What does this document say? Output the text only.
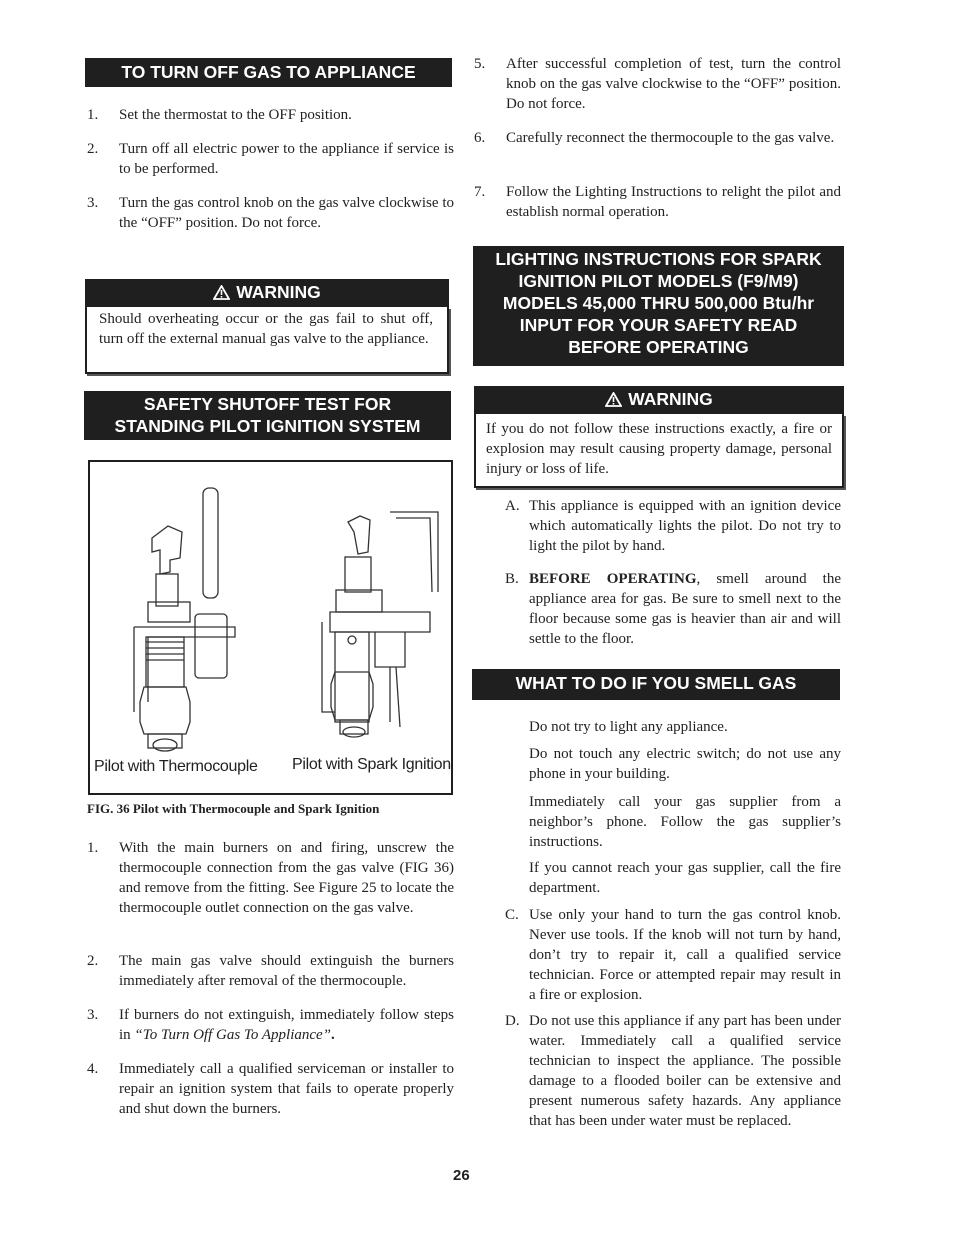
TO TURN OFF GAS TO APPLIANCE
1. Set the thermostat to the OFF position.
2. Turn off all electric power to the appliance if service is to be performed.
3. Turn the gas control knob on the gas valve clockwise to the “OFF” position. Do not force.
WARNING
Should overheating occur or the gas fail to shut off, turn off the external manual gas valve to the appliance.
SAFETY SHUTOFF TEST FOR
STANDING PILOT IGNITION SYSTEM
Pilot with Thermocouple Pilot with Spark Ignition
FIG. 36 Pilot with Thermocouple and Spark Ignition
1. With the main burners on and firing, unscrew the thermocouple connection from the gas valve (FIG 36) and remove from the fitting. See Figure 25 to locate the thermocouple outlet connection on the gas valve.
2. The main gas valve should extinguish the burners immediately after removal of the thermocouple.
3. If burners do not extinguish, immediately follow steps in “To Turn Off Gas To Appliance”.
4. Immediately call a qualified serviceman or installer to repair an ignition system that fails to operate properly and shut down the burners.
5. After successful completion of test, turn the control knob on the gas valve clockwise to the “OFF” position. Do not force.
6. Carefully reconnect the thermocouple to the gas valve.
7. Follow the Lighting Instructions to relight the pilot and establish normal operation.
LIGHTING INSTRUCTIONS FOR SPARK
IGNITION PILOT MODELS (F9/M9)
MODELS 45,000 THRU 500,000 Btu/hr
INPUT FOR YOUR SAFETY READ
BEFORE OPERATING
WARNING
If you do not follow these instructions exactly, a fire or explosion may result causing property damage, personal injury or loss of life.
A. This appliance is equipped with an ignition device which automatically lights the pilot. Do not try to light the pilot by hand.
B. BEFORE OPERATING, smell around the appliance area for gas. Be sure to smell next to the floor because some gas is heavier than air and will settle to the floor.
WHAT TO DO IF YOU SMELL GAS
Do not try to light any appliance.
Do not touch any electric switch; do not use any phone in your building.
Immediately call your gas supplier from a neighbor’s phone. Follow the gas supplier’s instructions.
If you cannot reach your gas supplier, call the fire department.
C. Use only your hand to turn the gas control knob. Never use tools. If the knob will not turn by hand, don’t try to repair it, call a qualified service technician. Force or attempted repair may result in a fire or explosion.
D. Do not use this appliance if any part has been under water. Immediately call a qualified service technician to inspect the appliance. The possible damage to a flooded boiler can be extensive and present numerous safety hazards. Any appliance that has been under water must be replaced.
26
